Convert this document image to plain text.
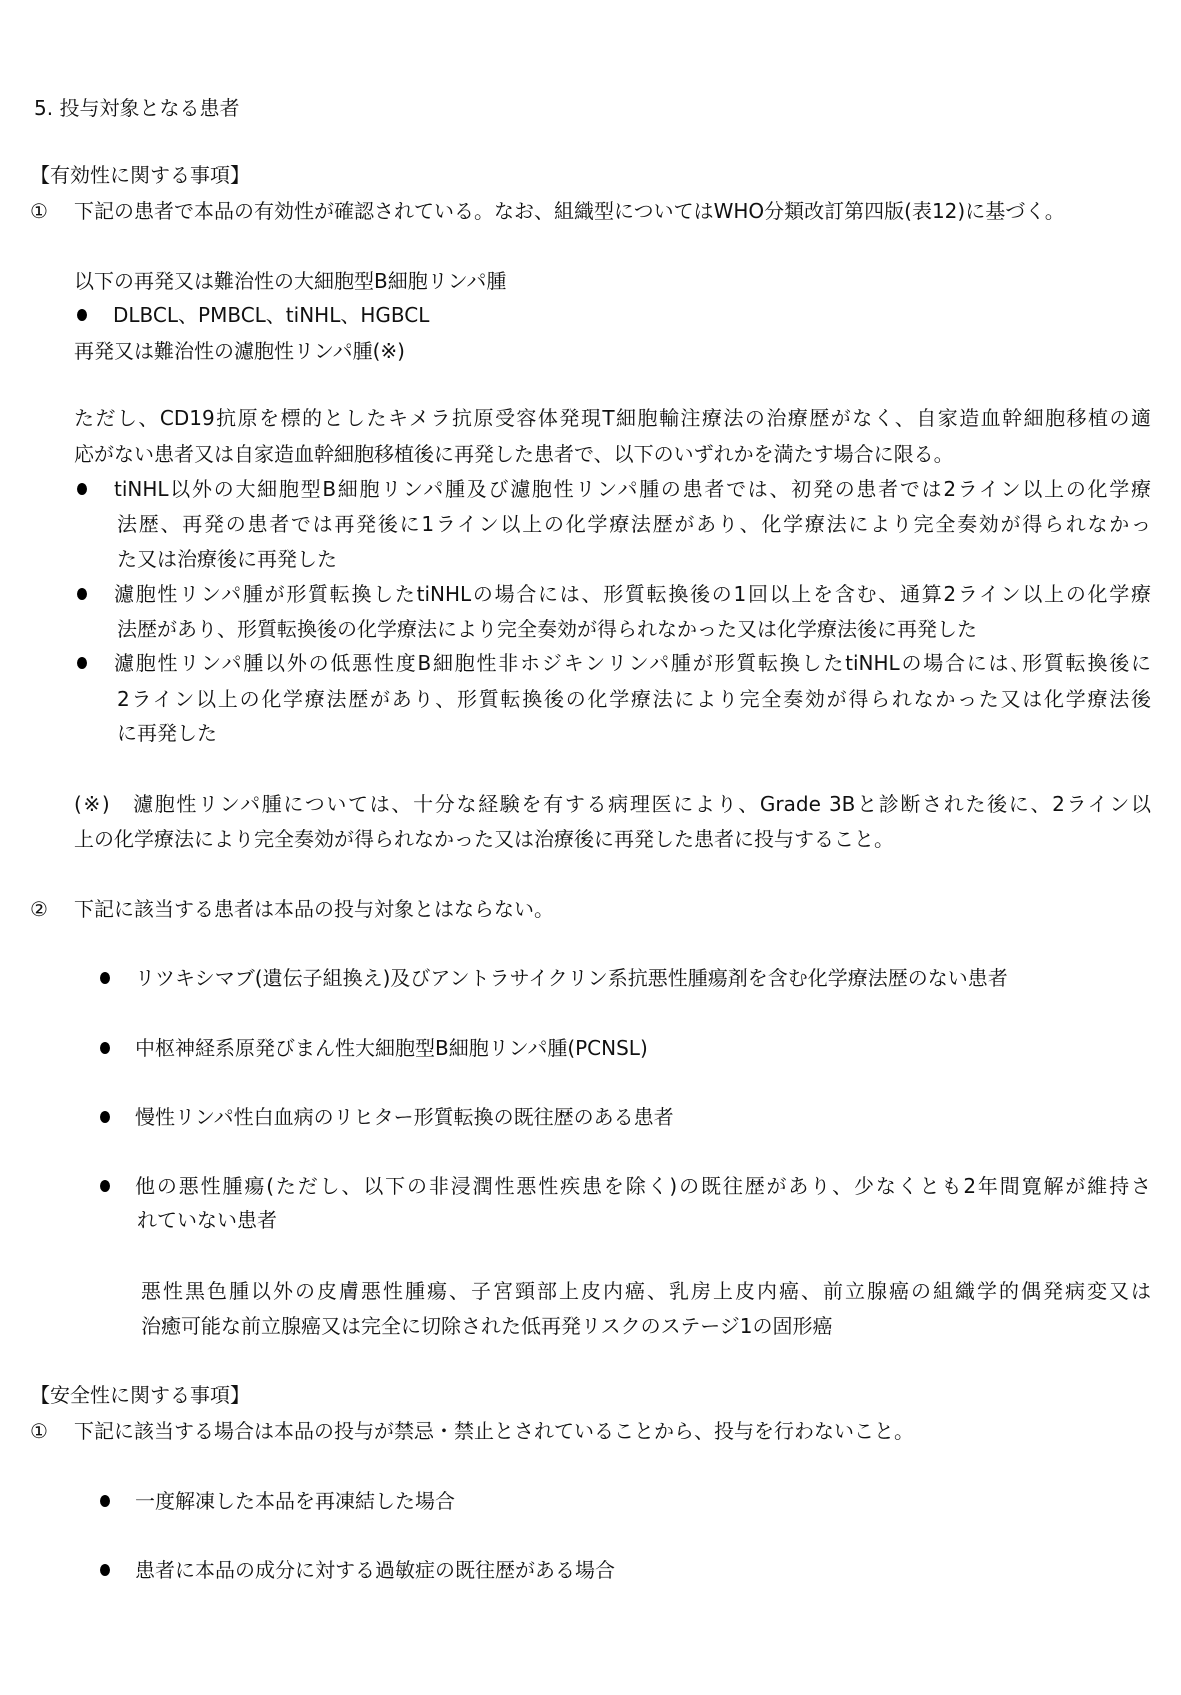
5. 投与対象となる患者
【有効性に関する事項】
① 下記の患者で本品の有効性が確認されている。なお、組織型についてはWHO分類改訂第四版(表12)に基づく。
以下の再発又は難治性の大細胞型B細胞リンパ腫
DLBCL、PMBCL、tiNHL、HGBCL
再発又は難治性の濾胞性リンパ腫(※)
ただし、CD19抗原を標的としたキメラ抗原受容体発現T細胞輸注療法の治療歴がなく、自家造血幹細胞移植の適
応がない患者又は自家造血幹細胞移植後に再発した患者で、以下のいずれかを満たす場合に限る。
tiNHL以外の大細胞型B細胞リンパ腫及び濾胞性リンパ腫の患者では、初発の患者では2ライン以上の化学療
法歴、再発の患者では再発後に1ライン以上の化学療法歴があり、化学療法により完全奏効が得られなかっ
た又は治療後に再発した
濾胞性リンパ腫が形質転換したtiNHLの場合には、形質転換後の1回以上を含む、通算2ライン以上の化学療
法歴があり、形質転換後の化学療法により完全奏効が得られなかった又は化学療法後に再発した
濾胞性リンパ腫以外の低悪性度B細胞性非ホジキンリンパ腫が形質転換したtiNHLの場合には､形質転換後に
2ライン以上の化学療法歴があり、形質転換後の化学療法により完全奏効が得られなかった又は化学療法後
に再発した
(※)　濾胞性リンパ腫については、十分な経験を有する病理医により、Grade 3Bと診断された後に、2ライン以
上の化学療法により完全奏効が得られなかった又は治療後に再発した患者に投与すること。
② 下記に該当する患者は本品の投与対象とはならない。
リツキシマブ(遺伝子組換え)及びアントラサイクリン系抗悪性腫瘍剤を含む化学療法歴のない患者
中枢神経系原発びまん性大細胞型B細胞リンパ腫(PCNSL)
慢性リンパ性白血病のリヒター形質転換の既往歴のある患者
他の悪性腫瘍(ただし、以下の非浸潤性悪性疾患を除く)の既往歴があり、少なくとも2年間寛解が維持さ
れていない患者
悪性黒色腫以外の皮膚悪性腫瘍、子宮頸部上皮内癌、乳房上皮内癌、前立腺癌の組織学的偶発病変又は
治癒可能な前立腺癌又は完全に切除された低再発リスクのステージ1の固形癌
【安全性に関する事項】
① 下記に該当する場合は本品の投与が禁忌・禁止とされていることから、投与を行わないこと。
一度解凍した本品を再凍結した場合
患者に本品の成分に対する過敏症の既往歴がある場合
